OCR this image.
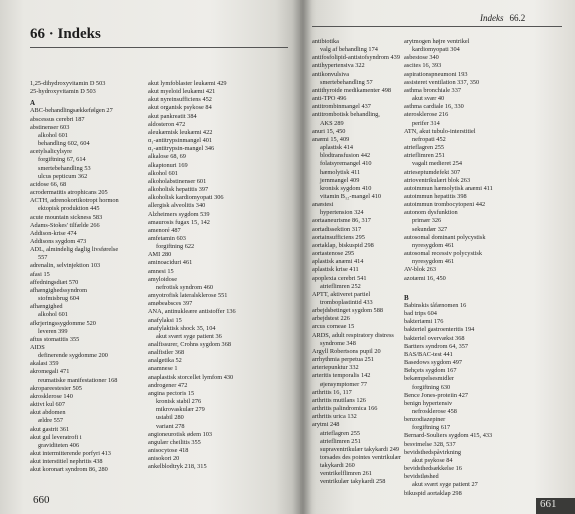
66 · Indeks
Indeks 66.2
1,25-dihydroxyvitamin D 503
25-hydroxyvitamin D 503
A
ABC-behandlingsækkefølgen 27
abscessus cerebri 187
abstinenser 603
alkohol 601
behandling 602, 604
acetylsalicylsyre
forgiftning 67, 614
smertebehandling 53
ulcus pepticum 362
acidose 66, 68
acrodermatitis atrophicans 205
ACTH, adrenokortikotropt hormon
ektopisk produktion 445
acute mountain sickness 583
Adams-Stokes' tilfælde 266
Addison-krise 474
Addisons sygdom 473
ADL, almindelig daglig livsførelse
557
adrenalin, selvinjektion 103
afasi 15
affedningsdiæt 570
afhængighedssyndrom
stofmisbrug 604
afhængighed
alkohol 601
afkrjeringssygdomme 520
leveren 399
aftus stomatitis 355
AIDS
definerende sygdomme 200
akalasi 359
akromegali 471
reumatiske manifestationer 168
akropareestesier 505
akrosklerose 140
aktivt kul 607
akut abdomen
ældre 557
akut gastrit 361
akut gul leveratrofi i
graviditeten 406
akut intermitterende porfyri 413
akut interstitiel nephritis 438
akut koronart syndrom 86, 280
akut lymfoblaster leukæmi 429
akut myeloid leukæmi 421
akut nyreinsufficiens 452
akut organisk psykose 84
akut pankreatit 384
aldosteron 472
aleukæmisk leukæmi 422
α₁-antitrypsinmangel 401
α₁-antitrypsin-mangel 346
alkalose 68, 69
alkaptonuri 169
alkohol 601
alkoholabstinenser 601
alkoholisk hepatitis 397
alkoholisk kardiomyopati 306
allergisk alveolitis 340
Alzheimers sygdom 539
amaurosis fugax 15, 142
amenoré 487
amfetamin 603
forgiftning 622
AMI 280
aminoaciduri 461
amnesi 15
amyloidose
nefrotisk syndrom 460
amyotrofisk lateralsklerose 551
amøbeabsces 397
ANA, antinukleære antistoffer 136
anafylaksi 15
anafylaktisk shock 35, 104
akut svært syge patient 36
analfissurer, Crohns sygdom 368
analfistler 368
analgetika 52
anamnese 1
anaplastisk storcellet lymfom 430
androgener 472
angina pectoris 15
kronisk stabil 276
mikrovaskulær 279
ustabil 280
variant 278
angioneurotisk ødem 103
angulær cheilitis 355
anisocytose 418
anisokori 20
ankelblodtryk 218, 315
antibiotika
valg af behandling 174
antifosfolipid-antistofsyndrom 439
antihypertensiva 322
antikonvulsiva
smertebehandling 57
antithyroide medikamenter 498
anti-TPO 496
antitrombinmangel 437
antitrombotisk behandling,
AKS 289
anuri 15, 450
anæmi 15, 409
aplastisk 414
blodtransfusion 442
folatsyremangel 410
hæmolytisk 411
jernmangel 409
kronisk sygdom 410
vitamin B₁₂-mangel 410
anæstesi
hypertension 324
aortaaneurisme 86, 317
aortadissektion 317
aortainsufficiens 295
aortaklap, biskuspid 298
aortastenose 295
aplastisk anæmi 414
aplastisk krise 411
apoplexia cerebri 541
atrieflimren 252
APTT, aktiveret partiel
tromboplastintid 433
arbejdsbetinget sygdom 588
arbejdstest 226
arcus corneae 15
ARDS, adult respiratory distress
syndrome 348
Argyll Robertsons pupil 20
arrhythmia perpetua 251
arteriepunktur 332
arteritis temporalis 142
øjensymptomer 77
arthritis 16, 117
arthritis mutilans 126
arthritis palindromica 166
arthritis urica 132
arytmi 248
atrieflagren 255
atrieflimren 251
supraventrikulær takykardi 249
torsades des pointes ventrikulær
takykardi 260
ventrikelflimren 261
ventrikulær takykardi 258
arytmogen højre ventrikel
kardiomyopati 304
asbestose 340
ascites 16, 393
aspirationspneumoni 193
assisteret ventilation 337, 350
asthma bronchiale 337
akut svær 40
asthma cardiale 16, 330
aterosklerose 216
perifer 314
ATN, akut tubulo-interstitiel
nefropati 452
atrieflagren 255
atrieflimren 251
vagalt medieret 254
atrieseptumdefekt 307
atrioventrikulært blok 263
autoimmun hæmolytisk anæmi 411
autoimmun hepatitis 398
autoimmun trombocytopeni 442
autonom dysfunktion
primær 326
sekundær 327
autosomal dominant polycystisk
nyresygdom 461
autosomal recessiv polycystisk
nyresygdom 461
AV-blok 263
azotæmi 16, 450
B
Babinskis tåfænomen 16
bad trips 604
bakteriæmi 176
bakteriel gastroenteritis 194
bakteriel overvækst 368
Bartters syndrom 64, 357
BAS/BAC-test 441
Basedows sygdom 497
Behçets sygdom 167
bekæmpelsesmidler
forgiftning 630
Bence Jones-proteiin 427
benign hypertensiv
nefrosklerose 458
benzodiazepiner
forgiftning 617
Bernard-Souliers sygdom 415, 433
besvimelse 328, 537
bevidsthedspåvirkning
akut psykose 84
bevidsthedsækkelse 16
bevidstløshed
akut svært syge patient 27
bikuspid aortaklap 298
660	661
